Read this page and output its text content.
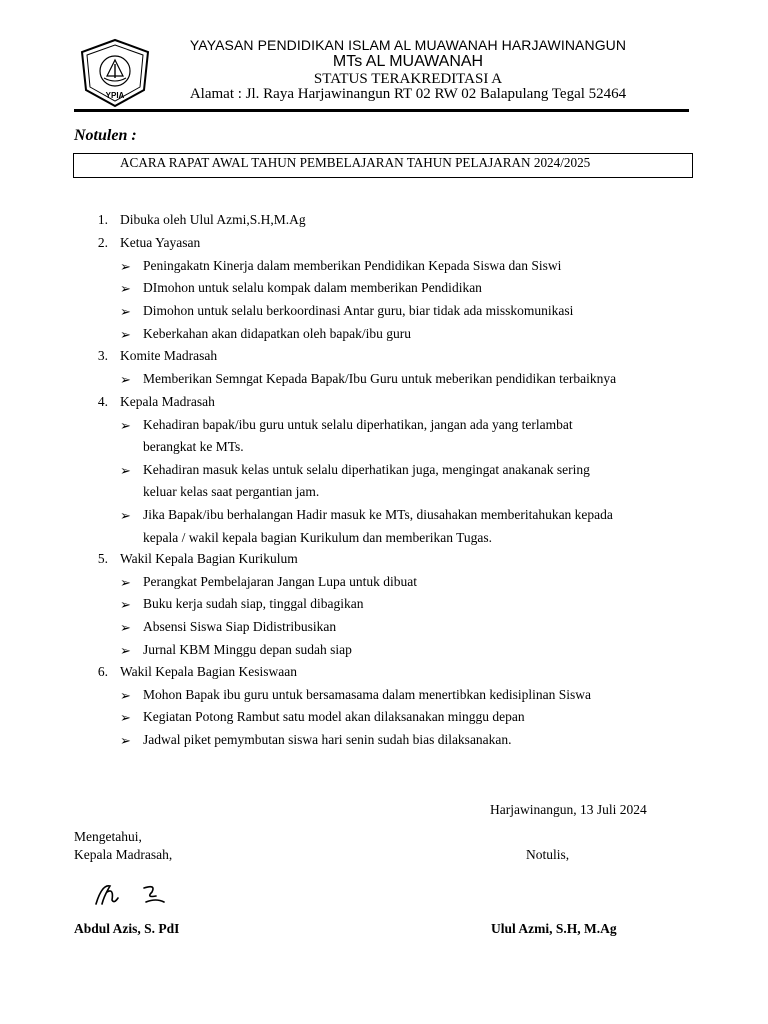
YPIA
YAYASAN PENDIDIKAN ISLAM AL MUAWANAH HARJAWINANGUN
MTs AL MUAWANAH
STATUS TERAKREDITASI A
Alamat : Jl. Raya Harjawinangun RT 02 RW 02 Balapulang Tegal 52464
Notulen :
ACARA RAPAT AWAL TAHUN PEMBELAJARAN TAHUN PELAJARAN 2024/2025
1. Dibuka oleh Ulul Azmi,S.H,M.Ag
2. Ketua Yayasan
➢ Peningakatn Kinerja dalam memberikan Pendidikan Kepada Siswa dan Siswi
➢ DImohon untuk selalu kompak dalam memberikan Pendidikan
➢ Dimohon untuk selalu berkoordinasi Antar guru, biar tidak ada misskomunikasi
➢ Keberkahan akan didapatkan oleh bapak/ibu guru
3. Komite Madrasah
➢ Memberikan Semngat Kepada Bapak/Ibu Guru untuk meberikan pendidikan terbaiknya
4. Kepala Madrasah
➢ Kehadiran bapak/ibu guru untuk selalu diperhatikan, jangan ada yang terlambat
berangkat ke MTs.
➢ Kehadiran masuk kelas untuk selalu diperhatikan juga, mengingat anakanak sering
keluar kelas saat pergantian jam.
➢ Jika Bapak/ibu berhalangan Hadir masuk ke MTs, diusahakan memberitahukan kepada
kepala / wakil kepala bagian Kurikulum dan memberikan Tugas.
5. Wakil Kepala Bagian Kurikulum
➢ Perangkat Pembelajaran Jangan Lupa untuk dibuat
➢ Buku kerja sudah siap, tinggal dibagikan
➢ Absensi Siswa Siap Didistribusikan
➢ Jurnal KBM Minggu depan sudah siap
6. Wakil Kepala Bagian Kesiswaan
➢ Mohon Bapak ibu guru untuk bersamasama dalam menertibkan kedisiplinan Siswa
➢ Kegiatan Potong Rambut satu model akan dilaksanakan minggu depan
➢ Jadwal piket pemymbutan siswa hari senin sudah bias dilaksanakan.
Harjawinangun, 13 Juli 2024
Mengetahui,
Kepala Madrasah,	Notulis,
Abdul Azis, S. PdI	Ulul Azmi, S.H, M.Ag
